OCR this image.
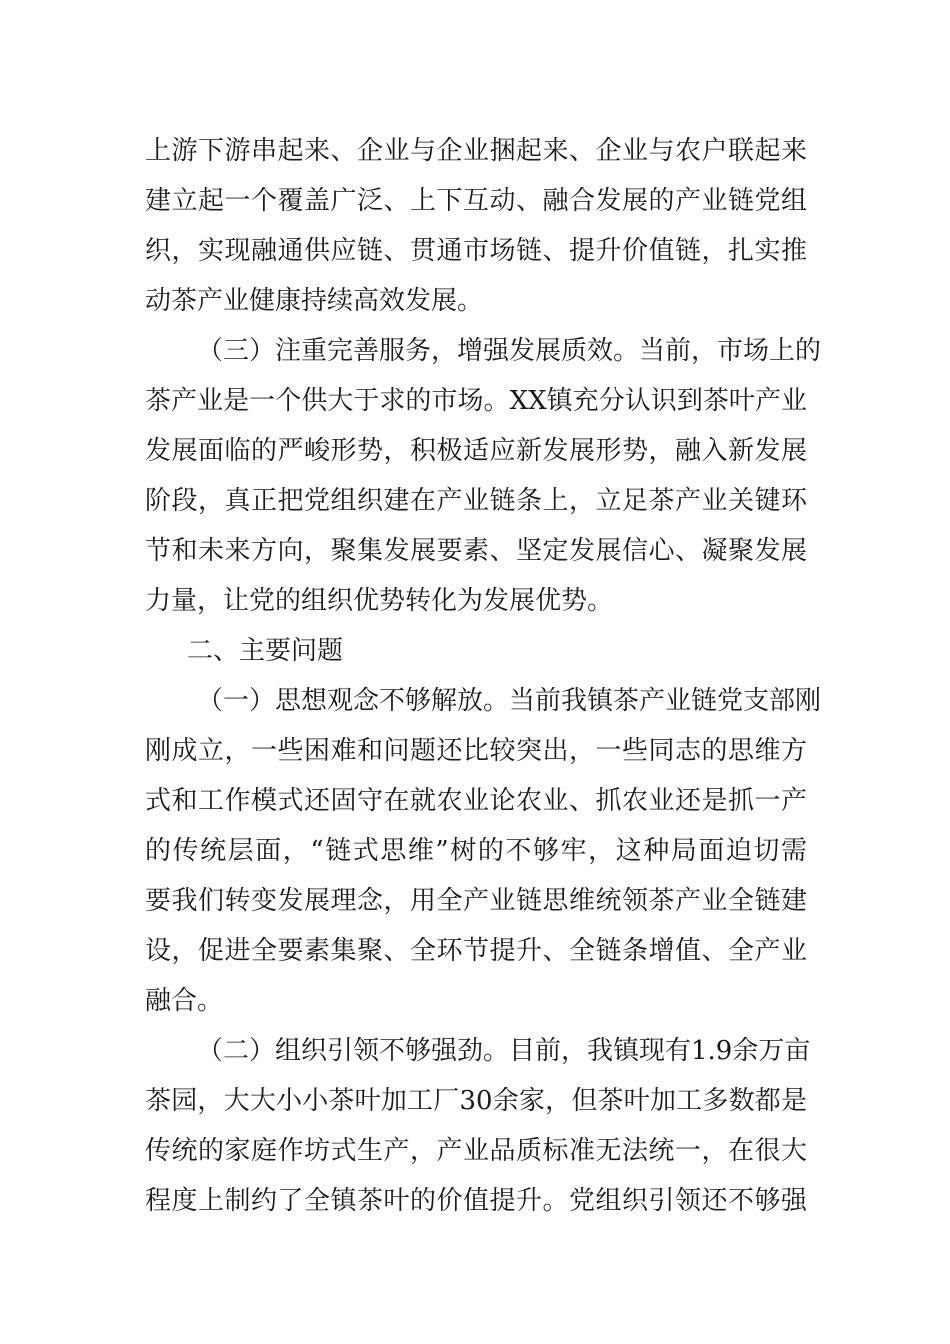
上游下游串起来、企业与企业捆起来、企业与农户联起来
建立起一个覆盖广泛、上下互动、融合发展的产业链党组
织，实现融通供应链、贯通市场链、提升价值链，扎实推
动茶产业健康持续高效发展。
（三）注重完善服务，增强发展质效。当前，市场上的
茶产业是一个供大于求的市场。XX镇充分认识到茶叶产业
发展面临的严峻形势，积极适应新发展形势，融入新发展
阶段，真正把党组织建在产业链条上，立足茶产业关键环
节和未来方向，聚集发展要素、坚定发展信心、凝聚发展
力量，让党的组织优势转化为发展优势。
二、主要问题
（一）思想观念不够解放。当前我镇茶产业链党支部刚
刚成立，一些困难和问题还比较突出，一些同志的思维方
式和工作模式还固守在就农业论农业、抓农业还是抓一产
的传统层面，“链式思维”树的不够牢，这种局面迫切需
要我们转变发展理念，用全产业链思维统领茶产业全链建
设，促进全要素集聚、全环节提升、全链条增值、全产业
融合。
（二）组织引领不够强劲。目前，我镇现有1.9余万亩
茶园，大大小小茶叶加工厂30余家，但茶叶加工多数都是
传统的家庭作坊式生产，产业品质标准无法统一，在很大
程度上制约了全镇茶叶的价值提升。党组织引领还不够强
